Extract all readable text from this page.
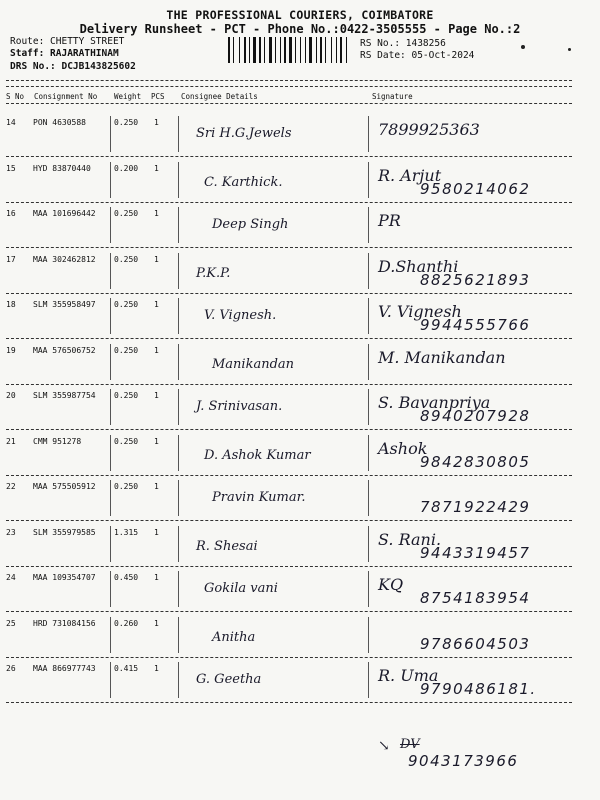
THE PROFESSIONAL COURIERS, COIMBATORE
Delivery Runsheet - PCT - Phone No.:0422-3505555 - Page No.:2
Route: CHETTY STREET
Staff: RAJARATHINAM
DRS No.: DCJB143825602
RS No.: 1438256
RS Date: 05-Oct-2024
S No Consignment No Weight PCS Consignee Details	Signature
14 PON 4630588	0.250 1
Sri H.G.Jewels	7899925363
15 HYD 83870440	0.200 1
C. Karthick.	R. Arjut
9580214062
16 MAA 101696442 0.250 1
Deep Singh	PR
17 MAA 302462812 0.250 1
P.K.P.	D.Shanthi
8825621893
18 SLM 355958497 0.250 1
V. Vignesh.	V. Vignesh
9944555766
19 MAA 576506752 0.250 1
Manikandan	M. Manikandan
20 SLM 355987754 0.250 1
J. Srinivasan.	S. Bavanpriya
8940207928
21 CMM 951278	0.250 1
D. Ashok Kumar	Ashok
9842830805
22 MAA 575505912 0.250 1
Pravin Kumar.
7871922429
23 SLM 355979585 1.315 1
R. Shesai	S. Rani.
9443319457
24 MAA 109354707 0.450 1
Gokila vani	KQ
8754183954
25 HRD 731084156 0.260 1
Anitha	9786604503
26 MAA 866977743 0.415 1
G. Geetha	R. Uma
9790486181.
↘ DV
9043173966
